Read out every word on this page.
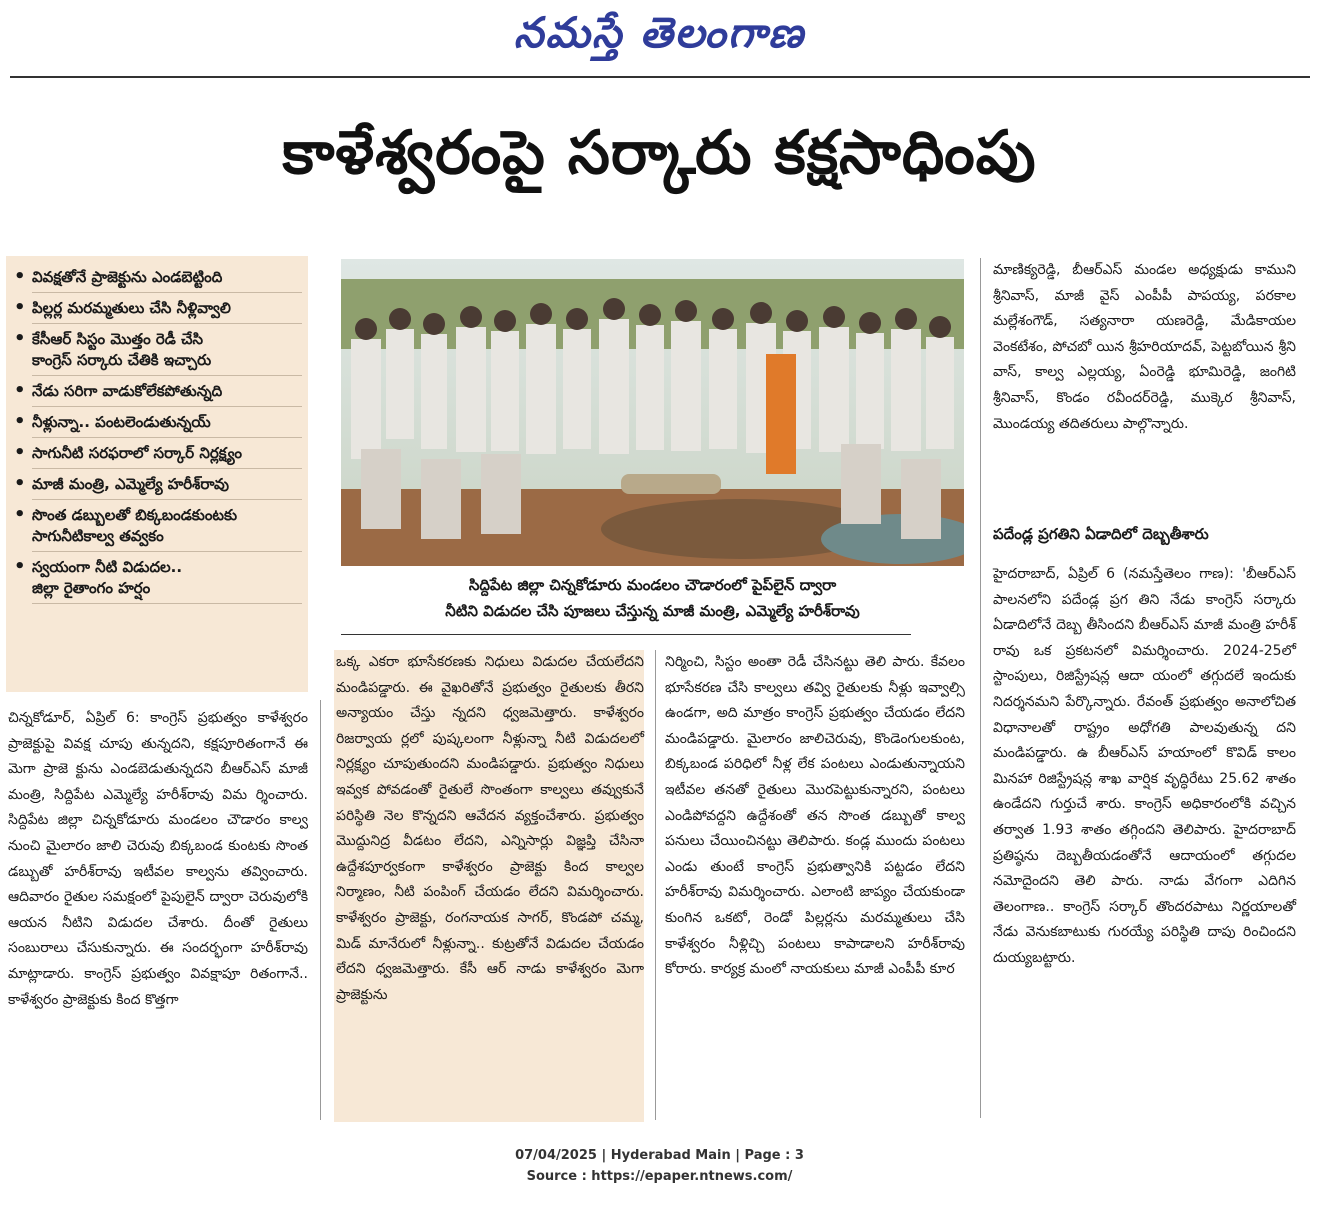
నమస్తే తెలంగాణ
కాళేశ్వరంపై సర్కారు కక్షసాధింపు
• వివక్షతోనే ప్రాజెక్టును ఎండబెట్టింది
• పిల్లర్ల మరమ్మతులు చేసి నీళ్లివ్వాలి
• కేసీఆర్ సిస్టం మొత్తం రెడీ చేసి
కాంగ్రెస్ సర్కారు చేతికి ఇచ్చారు
• నేడు సరిగా వాడుకోలేకపోతున్నది
• నీళ్లున్నా.. పంటలెండుతున్నయ్
• సాగునీటి సరఫరాలో సర్కార్ నిర్లక్ష్యం
• మాజీ మంత్రి, ఎమ్మెల్యే హరీశ్‌రావు
• సొంత డబ్బులతో బిక్కబండకుంటకు
సాగునీటికాల్వ తవ్వకం
• స్వయంగా నీటి విడుదల..
జిల్లా రైతాంగం హర్షం	సిద్దిపేట జిల్లా చిన్నకోడూరు మండలం చౌడారంలో పైప్‌లైన్ ద్వారా
నీటిని విడుదల చేసి పూజలు చేస్తున్న మాజీ మంత్రి, ఎమ్మెల్యే హరీశ్‌రావు
చిన్నకోడూర్, ఏప్రిల్ 6: కాంగ్రెస్ ప్రభుత్వం కాళేశ్వరం ప్రాజెక్టుపై వివక్ష చూపు తున్నదని, కక్షపూరితంగానే ఈ మెగా ప్రాజె క్టును ఎండబెడుతున్నదని బీఆర్‌ఎస్ మాజీ మంత్రి, సిద్దిపేట ఎమ్మెల్యే హరీశ్‌రావు విమ ర్శించారు. సిద్దిపేట జిల్లా చిన్నకోడూరు మండలం చౌడారం కాల్వ నుంచి మైలారం జాలి చెరువు బిక్కబండ కుంటకు సొంత డబ్బుతో హరీశ్‌రావు ఇటీవల కాల్వను తవ్వించారు. ఆదివారం రైతుల సమక్షంలో పైపులైన్ ద్వారా చెరువులోకి ఆయన నీటిని విడుదల చేశారు. దీంతో రైతులు సంబురాలు చేసుకున్నారు. ఈ సందర్భంగా హరీశ్‌రావు మాట్లాడారు. కాంగ్రెస్ ప్రభుత్వం వివక్షాపూ రితంగానే.. కాళేశ్వరం ప్రాజెక్టుకు కింద కొత్తగా
ఒక్క ఎకరా భూసేకరణకు నిధులు విడుదల చేయలేదని మండిపడ్డారు. ఈ వైఖరితోనే ప్రభుత్వం రైతులకు తీరని అన్యాయం చేస్తు న్నదని ధ్వజమెత్తారు. కాళేశ్వరం రిజర్వాయ ర్లలో పుష్కలంగా నీళ్లున్నా నీటి విడుదలలో నిర్లక్ష్యం చూపుతుందని మండిపడ్డారు. ప్రభుత్వం నిధులు ఇవ్వక పోవడంతో రైతులే సొంతంగా కాల్వలు తవ్వుకునే పరిస్థితి నెల కొన్నదని ఆవేదన వ్యక్తంచేశారు. ప్రభుత్వం మొద్దునిద్ర వీడటం లేదని, ఎన్నిసార్లు విజ్ఞప్తి చేసినా ఉద్దేశపూర్వకంగా కాళేశ్వరం ప్రాజెక్టు కింద కాల్వల నిర్మాణం, నీటి పంపింగ్ చేయడం లేదని విమర్శించారు. కాళేశ్వరం ప్రాజెక్టు, రంగనాయక సాగర్, కొండపో చమ్మ, మిడ్ మానేరులో నీళ్లున్నా.. కుట్రతోనే విడుదల చేయడం లేదని ధ్వజమెత్తారు. కేసీ ఆర్ నాడు కాళేశ్వరం మెగా ప్రాజెక్టును
నిర్మించి, సిస్టం అంతా రెడీ చేసినట్టు తెలి పారు. కేవలం భూసేకరణ చేసి కాల్వలు తవ్వి రైతులకు నీళ్లు ఇవ్వాల్సి ఉండగా, అది మాత్రం కాంగ్రెస్ ప్రభుత్వం చేయడం లేదని మండిపడ్డారు. మైలారం జాలిచెరువు, కొండెంగులకుంట, బిక్కబండ పరిధిలో నీళ్ల లేక పంటలు ఎండుతున్నాయని ఇటీవల తనతో రైతులు మొరపెట్టుకున్నారని, పంటలు ఎండిపోవద్దని ఉద్దేశంతో తన సొంత డబ్బుతో కాల్వ పనులు చేయించినట్టు తెలిపారు. కండ్ల ముందు పంటలు ఎండు తుంటే కాంగ్రెస్ ప్రభుత్వానికి పట్టడం లేదని హరీశ్‌రావు విమర్శించారు. ఎలాంటి జాప్యం చేయకుండా కుంగిన ఒకటో, రెండో పిల్లర్లను మరమ్మతులు చేసి కాళేశ్వరం నీళ్లిచ్చి పంటలు కాపాడాలని హరీశ్‌రావు కోరారు. కార్యక్ర మంలో నాయకులు మాజీ ఎంపీపీ కూర
మాణిక్యరెడ్డి, బీఆర్‌ఎస్ మండల అధ్యక్షుడు కాముని శ్రీనివాస్, మాజీ వైస్ ఎంపీపీ పాపయ్య, పరకాల మల్లేశంగౌడ్, సత్యనారా యణరెడ్డి, మేడికాయల వెంకటేశం, పోచబో యిన శ్రీహరియాదవ్, పెట్టబోయిన శ్రీని వాస్, కాల్వ ఎల్లయ్య, ఏంరెడ్డి భూమిరెడ్డి, జంగిటి శ్రీనివాస్, కొండం రవీందర్‌రెడ్డి, ముక్కెర శ్రీనివాస్, మొండయ్య తదితరులు పాల్గొన్నారు.
పదేండ్ల ప్రగతిని ఏడాదిలో దెబ్బతీశారు
హైదరాబాద్, ఏప్రిల్ 6 (నమస్తేతెలం గాణ): 'బీఆర్‌ఎస్ పాలనలోని పదేండ్ల ప్రగ తిని నేడు కాంగ్రెస్ సర్కారు ఏడాదిలోనే దెబ్బ తీసిందని బీఆర్‌ఎస్ మాజీ మంత్రి హరీశ్ రావు ఒక ప్రకటనలో విమర్శించారు. 2024-25లో స్టాంపులు, రిజిస్ట్రేషన్ల ఆదా యంలో తగ్గుదలే ఇందుకు నిదర్శనమని పేర్కొన్నారు. రేవంత్ ప్రభుత్వం అనాలోచిత విధానాలతో రాష్ట్రం అధోగతి పాలవుతున్న దని మండిపడ్డారు. ఉ బీఆర్‌ఎస్ హయాంలో కొవిడ్ కాలం మినహా రిజిస్ట్రేషన్ల శాఖ వార్షిక వృద్ధిరేటు 25.62 శాతం ఉండేదని గుర్తుచే శారు. కాంగ్రెస్ అధికారంలోకి వచ్చిన తర్వాత 1.93 శాతం తగ్గిందని తెలిపారు. హైదరాబాద్ ప్రతిష్ఠను దెబ్బతీయడంతోనే ఆదాయంలో తగ్గుదల నమోదైందని తెలి పారు. నాడు వేగంగా ఎదిగిన తెలంగాణ.. కాంగ్రెస్ సర్కార్ తొందరపాటు నిర్ణయాలతో నేడు వెనుకబాటుకు గురయ్యే పరిస్థితి దాపు రించిందని దుయ్యబట్టారు.
07/04/2025 | Hyderabad Main | Page : 3
Source : https://epaper.ntnews.com/
